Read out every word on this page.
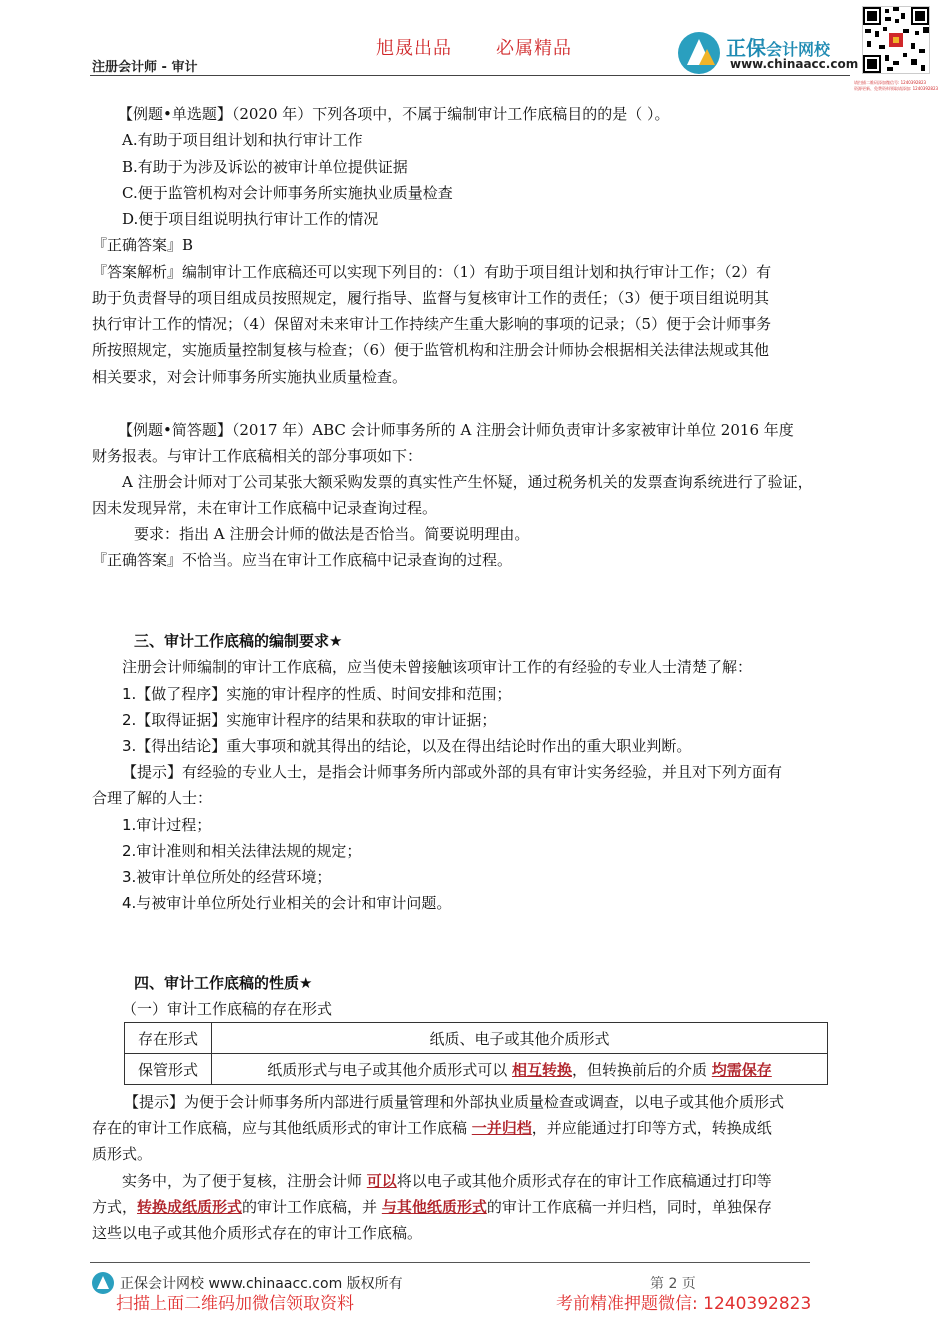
旭晟出品 必属精品
注册会计师 - 审计
正保会计网校
www.chinaacc.com
请扫描二维码添加微信号: 1240392823
资源更新、免费资料领取请添加: 1240392823
【例题•单选题】（2020 年）下列各项中，不属于编制审计工作底稿目的的是（ ）。
A.有助于项目组计划和执行审计工作
B.有助于为涉及诉讼的被审计单位提供证据
C.便于监管机构对会计师事务所实施执业质量检查
D.便于项目组说明执行审计工作的情况
『正确答案』B
『答案解析』编制审计工作底稿还可以实现下列目的：（1）有助于项目组计划和执行审计工作；（2）有
助于负责督导的项目组成员按照规定，履行指导、监督与复核审计工作的责任；（3）便于项目组说明其
执行审计工作的情况；（4）保留对未来审计工作持续产生重大影响的事项的记录；（5）便于会计师事务
所按照规定，实施质量控制复核与检查；（6）便于监管机构和注册会计师协会根据相关法律法规或其他
相关要求，对会计师事务所实施执业质量检查。
【例题•简答题】（2017 年）ABC 会计师事务所的 A 注册会计师负责审计多家被审计单位 2016 年度
财务报表。与审计工作底稿相关的部分事项如下：
A 注册会计师对丁公司某张大额采购发票的真实性产生怀疑，通过税务机关的发票查询系统进行了验证，
因未发现异常，未在审计工作底稿中记录查询过程。
要求：指出 A 注册会计师的做法是否恰当。简要说明理由。
『正确答案』不恰当。应当在审计工作底稿中记录查询的过程。
三、审计工作底稿的编制要求★
注册会计师编制的审计工作底稿，应当使未曾接触该项审计工作的有经验的专业人士清楚了解：
1.【做了程序】实施的审计程序的性质、时间安排和范围；
2.【取得证据】实施审计程序的结果和获取的审计证据；
3.【得出结论】重大事项和就其得出的结论，以及在得出结论时作出的重大职业判断。
【提示】有经验的专业人士，是指会计师事务所内部或外部的具有审计实务经验，并且对下列方面有
合理了解的人士：
1.审计过程；
2.审计准则和相关法律法规的规定；
3.被审计单位所处的经营环境；
4.与被审计单位所处行业相关的会计和审计问题。
四、审计工作底稿的性质★
（一）审计工作底稿的存在形式
存在形式	纸质、电子或其他介质形式
保管形式	纸质形式与电子或其他介质形式可以 相互转换，但转换前后的介质 均需保存
【提示】为便于会计师事务所内部进行质量管理和外部执业质量检查或调查，以电子或其他介质形式
存在的审计工作底稿，应与其他纸质形式的审计工作底稿 一并归档，并应能通过打印等方式，转换成纸
质形式。
实务中，为了便于复核，注册会计师 可以将以电子或其他介质形式存在的审计工作底稿通过打印等
方式，转换成纸质形式的审计工作底稿，并 与其他纸质形式的审计工作底稿一并归档，同时，单独保存
这些以电子或其他介质形式存在的审计工作底稿。
正保会计网校 www.chinaacc.com 版权所有	第 2 页
扫描上面二维码加微信领取资料	考前精准押题微信: 1240392823
